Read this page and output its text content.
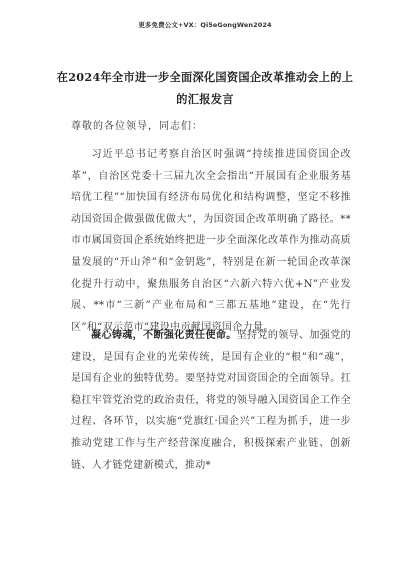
更多免费公文+VX：Qi5eGongWen2024
在2024年全市进一步全面深化国资国企改革推动会上的上
的汇报发言
尊敬的各位领导，同志们：
习近平总书记考察自治区时强调“持续推进国资国企改革”，自治区党委十三届九次全会指出“开展国有企业服务基培优工程”“加快国有经济布局优化和结构调整，坚定不移推动国资国企做强做优做大”，为国资国企改革明确了路径。**市市属国资国企系统始终把进一步全面深化改革作为推动高质量发展的“开山斧”和“金钥匙”，特别是在新一轮国企改革深化提升行动中，聚焦服务自治区“六新六特六优+N”产业发展、**市“三新”产业布局和“三都五基地”建设，在“先行区”和“双示范市”建设中贡献国资国企力量。
凝心铸魂，不断强化责任使命。坚持党的领导、加强党的建设，是国有企业的光荣传统，是国有企业的“根”和“魂”，是国有企业的独特优势。要坚持党对国资国企的全面领导。扛稳扛牢管党治党的政治责任，将党的领导融入国资国企工作全过程、各环节，以实施“党旗红·国企兴”工程为抓手，进一步推动党建工作与生产经营深度融合，积极探索产业链、创新链、人才链党建新模式，推动*
